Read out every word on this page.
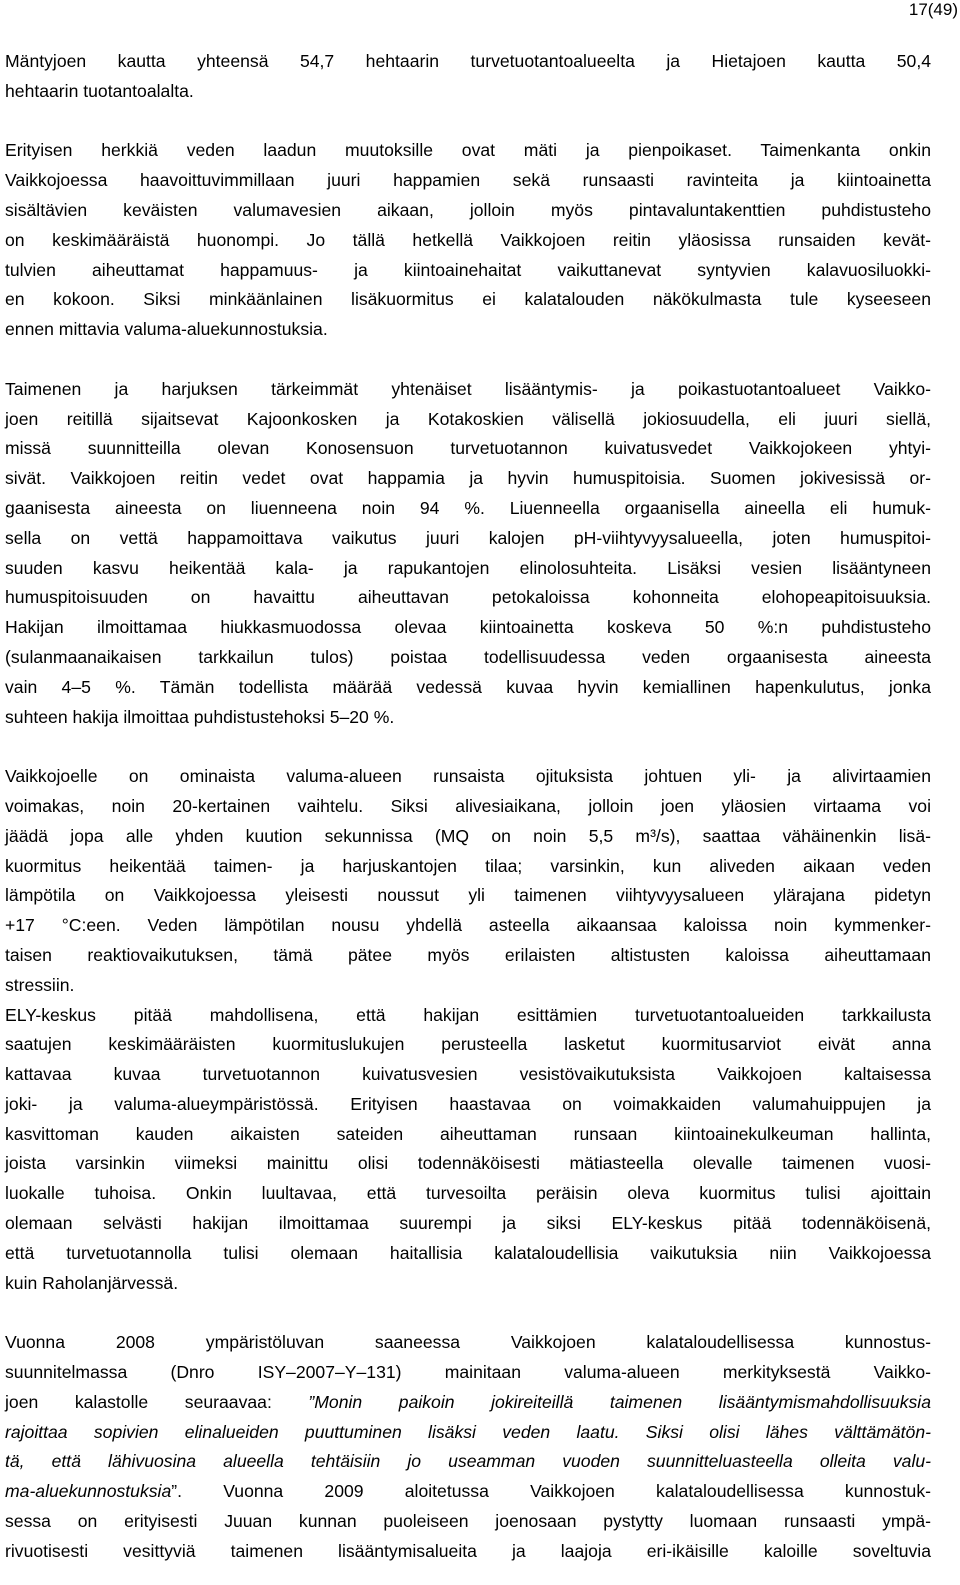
17(49)
Mäntyjoen kautta yhteensä 54,7 hehtaarin turvetuotantoalueelta ja Hietajoen kautta 50,4
hehtaarin tuotantoalalta.
Erityisen herkkiä veden laadun muutoksille ovat mäti ja pienpoikaset. Taimenkanta onkin
Vaikkojoessa haavoittuvimmillaan juuri happamien sekä runsaasti ravinteita ja kiintoainetta
sisältävien keväisten valumavesien aikaan, jolloin myös pintavaluntakenttien puhdistusteho
on keskimääräistä huonompi. Jo tällä hetkellä Vaikkojoen reitin yläosissa runsaiden kevät-
tulvien aiheuttamat happamuus- ja kiintoainehaitat vaikuttanevat syntyvien kalavuosiluokki-
en kokoon. Siksi minkäänlainen lisäkuormitus ei kalatalouden näkökulmasta tule kyseeseen
ennen mittavia valuma-aluekunnostuksia.
Taimenen ja harjuksen tärkeimmät yhtenäiset lisääntymis- ja poikastuotantoalueet Vaikko-
joen reitillä sijaitsevat Kajoonkosken ja Kotakoskien välisellä jokiosuudella, eli juuri siellä,
missä suunnitteilla olevan Konosensuon turvetuotannon kuivatusvedet Vaikkojokeen yhtyi-
sivät. Vaikkojoen reitin vedet ovat happamia ja hyvin humuspitoisia. Suomen jokivesissä or-
gaanisesta aineesta on liuenneena noin 94 %. Liuenneella orgaanisella aineella eli humuk-
sella on vettä happamoittava vaikutus juuri kalojen pH-viihtyvyysalueella, joten humuspitoi-
suuden kasvu heikentää kala- ja rapukantojen elinolosuhteita. Lisäksi vesien lisääntyneen
humuspitoisuuden on havaittu aiheuttavan petokaloissa kohonneita elohopeapitoisuuksia.
Hakijan ilmoittamaa hiukkasmuodossa olevaa kiintoainetta koskeva 50 %:n puhdistusteho
(sulanmaanaikaisen tarkkailun tulos) poistaa todellisuudessa veden orgaanisesta aineesta
vain 4–5 %. Tämän todellista määrää vedessä kuvaa hyvin kemiallinen hapenkulutus, jonka
suhteen hakija ilmoittaa puhdistustehoksi 5–20 %.
Vaikkojoelle on ominaista valuma-alueen runsaista ojituksista johtuen yli- ja alivirtaamien
voimakas, noin 20-kertainen vaihtelu. Siksi alivesiaikana, jolloin joen yläosien virtaama voi
jäädä jopa alle yhden kuution sekunnissa (MQ on noin 5,5 m³/s), saattaa vähäinenkin lisä-
kuormitus heikentää taimen- ja harjuskantojen tilaa; varsinkin, kun aliveden aikaan veden
lämpötila on Vaikkojoessa yleisesti noussut yli taimenen viihtyvyysalueen ylärajana pidetyn
+17 °C:een. Veden lämpötilan nousu yhdellä asteella aikaansaa kaloissa noin kymmenker-
taisen reaktiovaikutuksen, tämä pätee myös erilaisten altistusten kaloissa aiheuttamaan
stressiin.
ELY-keskus pitää mahdollisena, että hakijan esittämien turvetuotantoalueiden tarkkailusta
saatujen keskimääräisten kuormituslukujen perusteella lasketut kuormitusarviot eivät anna
kattavaa kuvaa turvetuotannon kuivatusvesien vesistövaikutuksista Vaikkojoen kaltaisessa
joki- ja valuma-alueympäristössä. Erityisen haastavaa on voimakkaiden valumahuippujen ja
kasvittoman kauden aikaisten sateiden aiheuttaman runsaan kiintoainekulkeuman hallinta,
joista varsinkin viimeksi mainittu olisi todennäköisesti mätiasteella olevalle taimenen vuosi-
luokalle tuhoisa. Onkin luultavaa, että turvesoilta peräisin oleva kuormitus tulisi ajoittain
olemaan selvästi hakijan ilmoittamaa suurempi ja siksi ELY-keskus pitää todennäköisenä,
että turvetuotannolla tulisi olemaan haitallisia kalataloudellisia vaikutuksia niin Vaikkojoessa
kuin Raholanjärvessä.
Vuonna 2008 ympäristöluvan saaneessa Vaikkojoen kalataloudellisessa kunnostus-
suunnitelmassa (Dnro ISY–2007–Y–131) mainitaan valuma-alueen merkityksestä Vaikko-
joen kalastolle seuraavaa: ”Monin paikoin jokireiteillä taimenen lisääntymismahdollisuuksia
rajoittaa sopivien elinalueiden puuttuminen lisäksi veden laatu. Siksi olisi lähes välttämätön-
tä, että lähivuosina alueella tehtäisiin jo useamman vuoden suunnitteluasteella olleita valu-
ma-aluekunnostuksia”. Vuonna 2009 aloitetussa Vaikkojoen kalataloudellisessa kunnostuk-
sessa on erityisesti Juuan kunnan puoleiseen joenosaan pystytty luomaan runsaasti ympä-
rivuotisesti vesittyviä taimenen lisääntymisalueita ja laajoja eri-ikäisille kaloille soveltuvia
